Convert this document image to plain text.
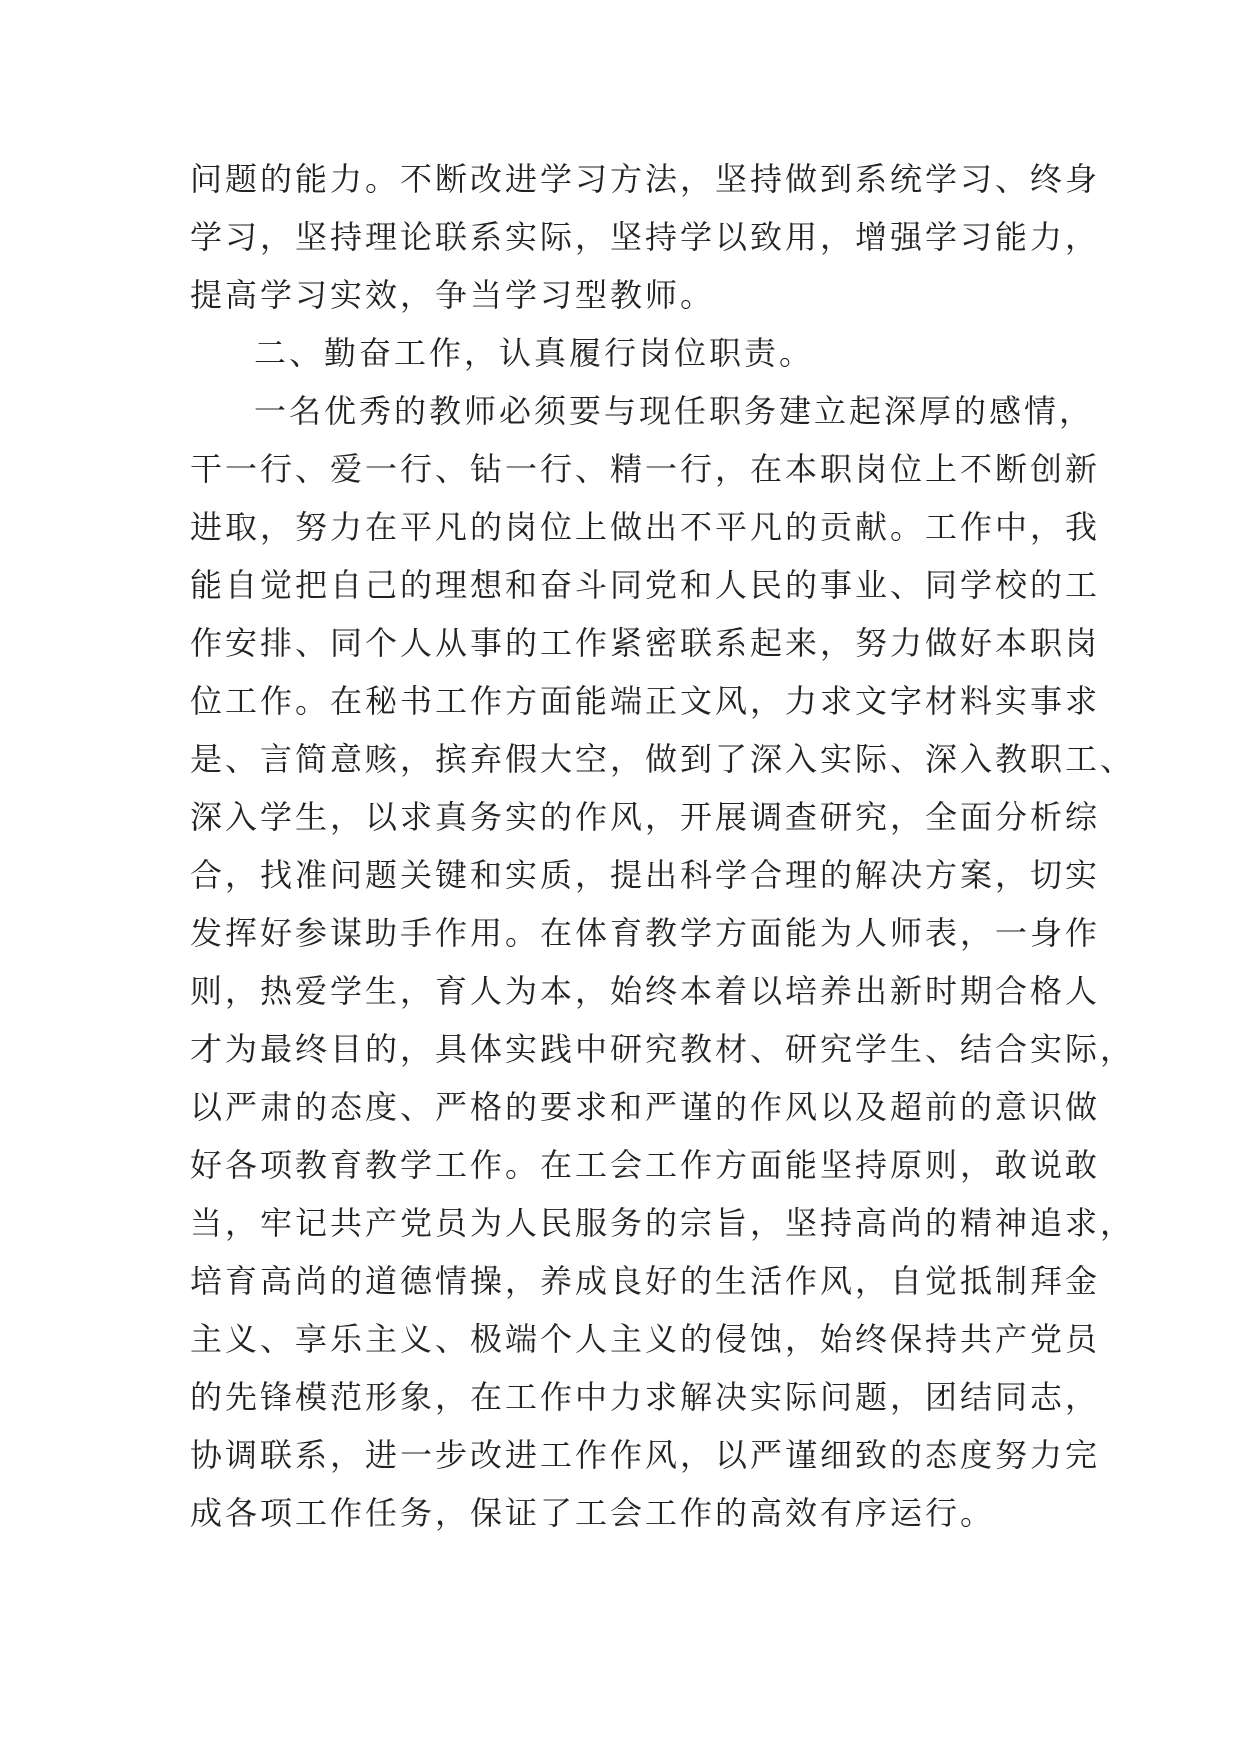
问题的能力。不断改进学习方法，坚持做到系统学习、终身
学习，坚持理论联系实际，坚持学以致用，增强学习能力，
提高学习实效，争当学习型教师。
二、勤奋工作，认真履行岗位职责。
一名优秀的教师必须要与现任职务建立起深厚的感情，
干一行、爱一行、钻一行、精一行，在本职岗位上不断创新
进取，努力在平凡的岗位上做出不平凡的贡献。工作中，我
能自觉把自己的理想和奋斗同党和人民的事业、同学校的工
作安排、同个人从事的工作紧密联系起来，努力做好本职岗
位工作。在秘书工作方面能端正文风，力求文字材料实事求
是、言简意赅，摈弃假大空，做到了深入实际、深入教职工、
深入学生，以求真务实的作风，开展调查研究，全面分析综
合，找准问题关键和实质，提出科学合理的解决方案，切实
发挥好参谋助手作用。在体育教学方面能为人师表，一身作
则，热爱学生，育人为本，始终本着以培养出新时期合格人
才为最终目的，具体实践中研究教材、研究学生、结合实际，
以严肃的态度、严格的要求和严谨的作风以及超前的意识做
好各项教育教学工作。在工会工作方面能坚持原则，敢说敢
当，牢记共产党员为人民服务的宗旨，坚持高尚的精神追求，
培育高尚的道德情操，养成良好的生活作风，自觉抵制拜金
主义、享乐主义、极端个人主义的侵蚀，始终保持共产党员
的先锋模范形象，在工作中力求解决实际问题，团结同志，
协调联系，进一步改进工作作风，以严谨细致的态度努力完
成各项工作任务，保证了工会工作的高效有序运行。
